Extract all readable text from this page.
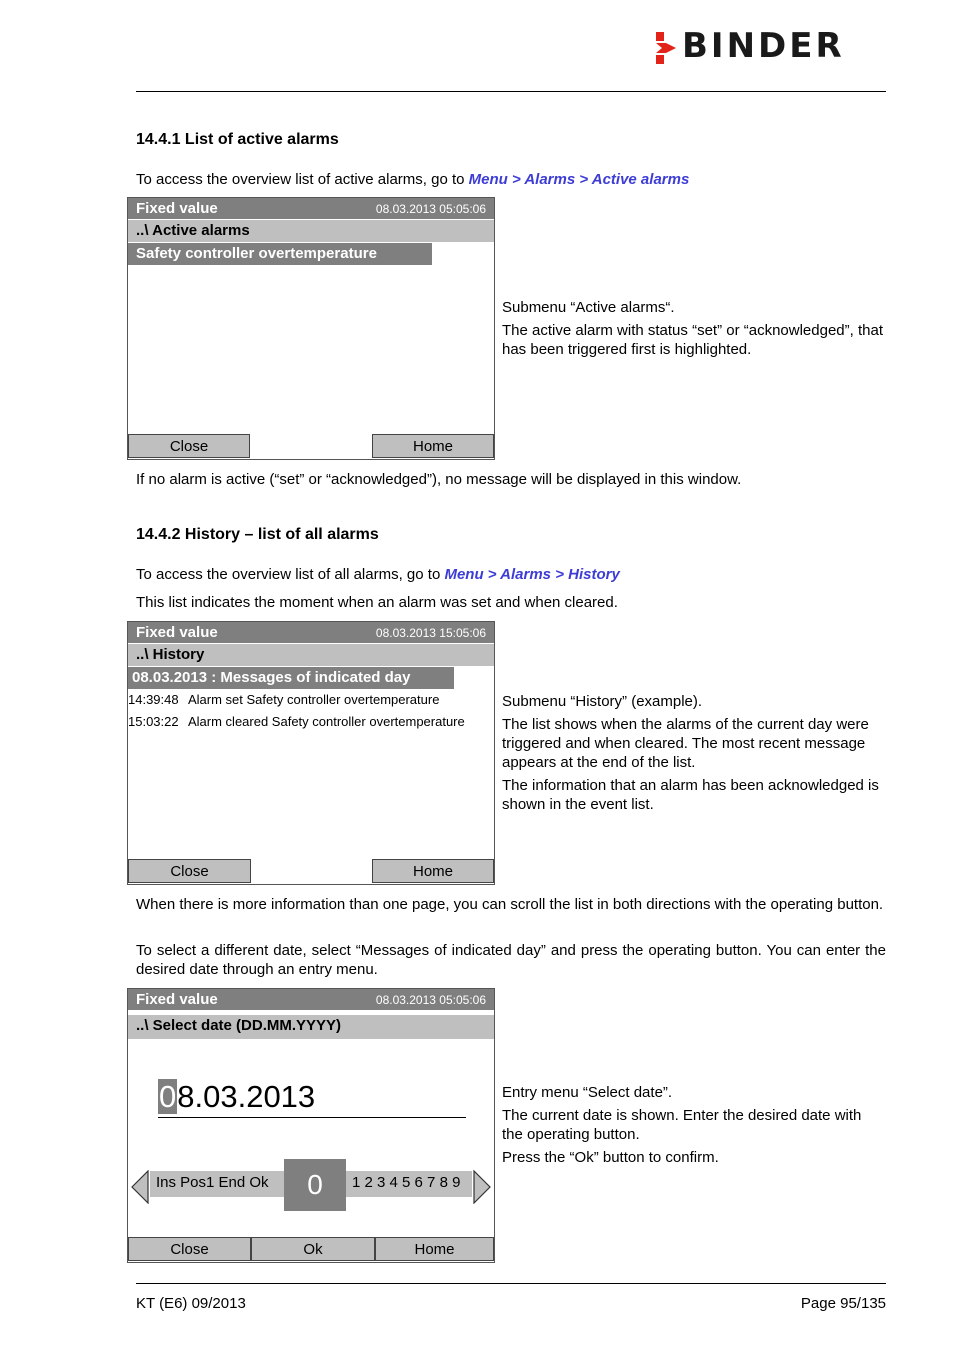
BINDER
14.4.1 List of active alarms
To access the overview list of active alarms, go to Menu > Alarms > Active alarms
Fixed value	08.03.2013 05:05:06
..\ Active alarms
Safety controller overtemperature
Close	Home
Submenu “Active alarms“.
The active alarm with status “set” or “acknowledged”, that has been triggered first is highlighted.
If no alarm is active (“set” or “acknowledged”), no message will be displayed in this window.
14.4.2 History – list of all alarms
To access the overview list of all alarms, go to Menu > Alarms > History
This list indicates the moment when an alarm was set and when cleared.
Fixed value	08.03.2013 15:05:06
..\ History
08.03.2013 : Messages of indicated day
14:39:48 Alarm set Safety controller overtemperature
15:03:22 Alarm cleared Safety controller overtemperature
Close	Home
Submenu “History” (example).
The list shows when the alarms of the current day were triggered and when cleared. The most recent message appears at the end of the list.
The information that an alarm has been acknowledged is shown in the event list.
When there is more information than one page, you can scroll the list in both directions with the operating button.
To select a different date, select “Messages of indicated day” and press the operating button. You can enter the desired date through an entry menu.
Fixed value	08.03.2013 05:05:06
..\ Select date (DD.MM.YYYY)
08.03.2013
Ins Pos1 End Ok	1 2 3 4 5 6 7 8 9
0
Close	Ok	Home
Entry menu “Select date”.
The current date is shown. Enter the desired date with the operating button.
Press the “Ok” button to confirm.
KT (E6) 09/2013	Page 95/135
